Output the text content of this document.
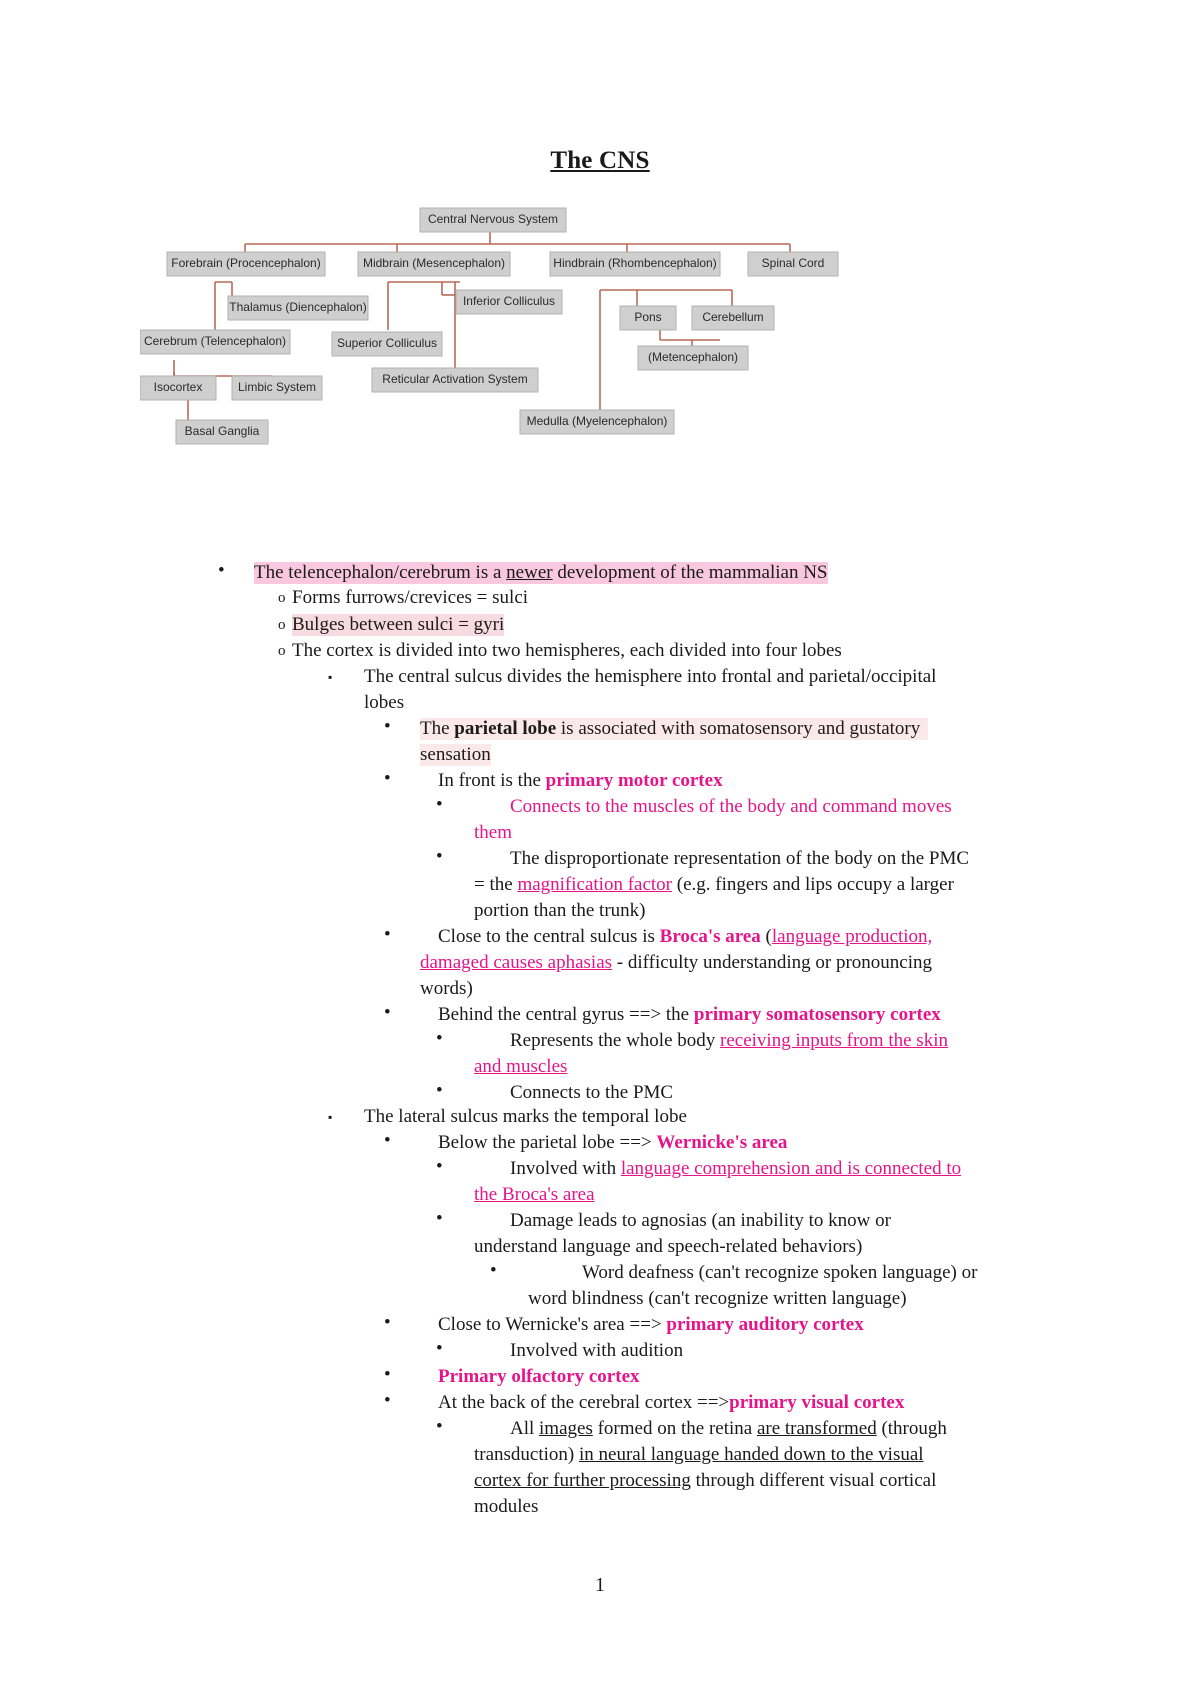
The CNS
Central Nervous System
Forebrain (Procencephalon)	Midbrain (Mesencephalon)	Hindbrain (Rhombencephalon)	Spinal Cord
Thalamus (Diencephalon)	Inferior Colliculus
Pons	Cerebellum
Cerebrum (Telencephalon)	Superior Colliculus
(Metencephalon)
Reticular Activation System
Isocortex	Limbic System
Medulla (Myelencephalon)
Basal Ganglia
• The telencephalon/cerebrum is a newer development of the mammalian NS
o Forms furrows/crevices = sulci
o Bulges between sulci = gyri
o The cortex is divided into two hemispheres, each divided into four lobes
▪ The central sulcus divides the hemisphere into frontal and parietal/occipital
lobes
• The parietal lobe is associated with somatosensory and gustatory
sensation
• In front is the primary motor cortex
•	Connects to the muscles of the body and command moves
them
•	The disproportionate representation of the body on the PMC
= the magnification factor (e.g. fingers and lips occupy a larger
portion than the trunk)
• Close to the central sulcus is Broca's area (language production,
damaged causes aphasias - difficulty understanding or pronouncing
words)
• Behind the central gyrus ==> the primary somatosensory cortex
•	Represents the whole body receiving inputs from the skin
and muscles
•	Connects to the PMC
▪ The lateral sulcus marks the temporal lobe
• Below the parietal lobe ==> Wernicke's area
•	Involved with language comprehension and is connected to
the Broca's area
•	Damage leads to agnosias (an inability to know or
understand language and speech-related behaviors)
•	Word deafness (can't recognize spoken language) or
word blindness (can't recognize written language)
• Close to Wernicke's area ==> primary auditory cortex
•	Involved with audition
• Primary olfactory cortex
• At the back of the cerebral cortex ==>primary visual cortex
•	All images formed on the retina are transformed (through
transduction) in neural language handed down to the visual
cortex for further processing through different visual cortical
modules
1
